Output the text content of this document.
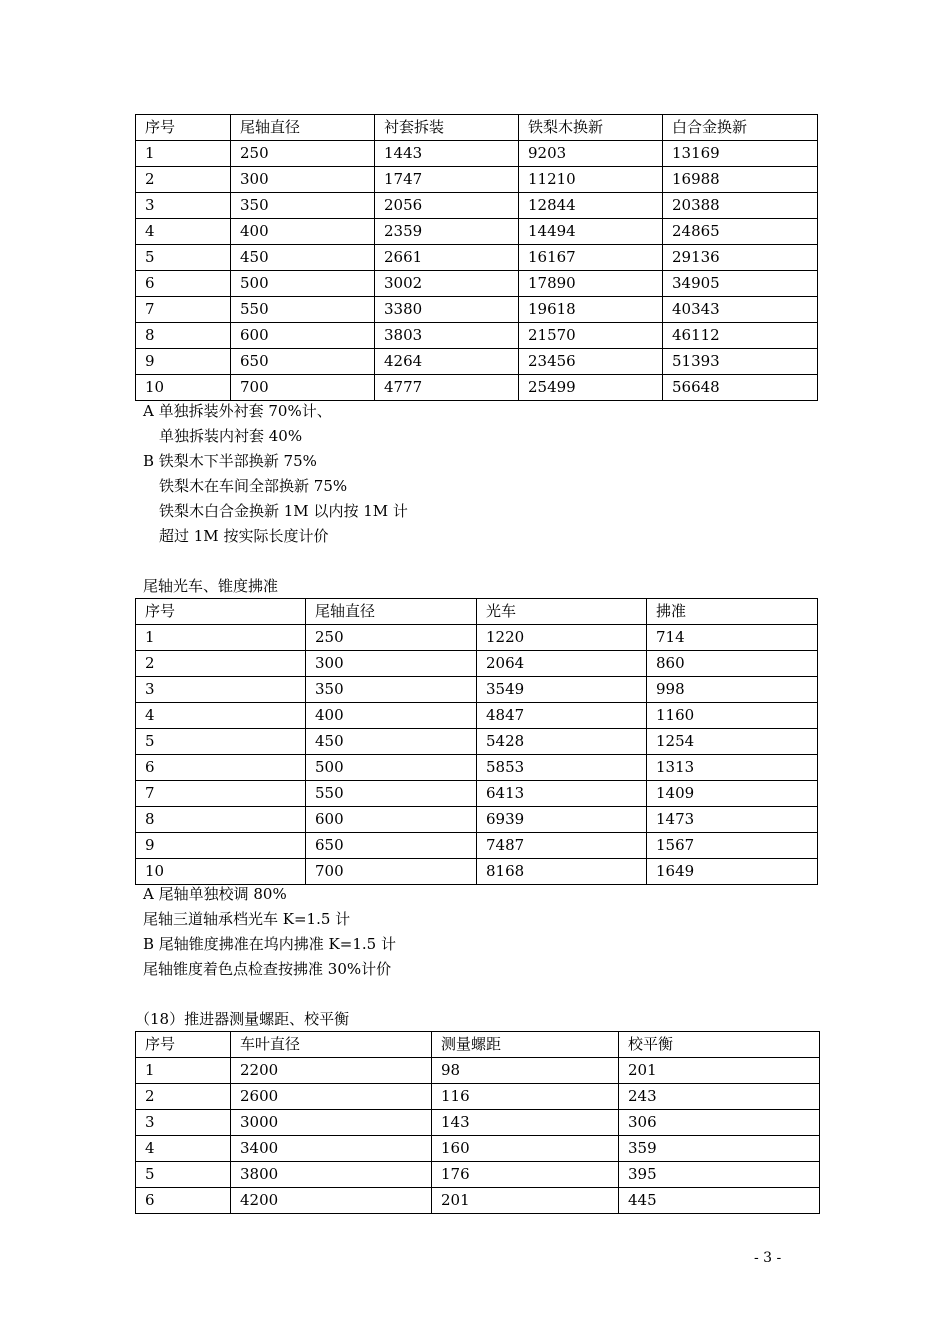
序号	尾轴直径	衬套拆装	铁梨木换新	白合金换新
1	250	1443	9203	13169
2	300	1747	11210	16988
3	350	2056	12844	20388
4	400	2359	14494	24865
5	450	2661	16167	29136
6	500	3002	17890	34905
7	550	3380	19618	40343
8	600	3803	21570	46112
9	650	4264	23456	51393
10	700	4777	25499	56648
A 单独拆装外衬套 70%计、
单独拆装内衬套 40%
B 铁梨木下半部换新 75%
铁梨木在车间全部换新 75%
铁梨木白合金换新 1M 以内按 1M 计
超过 1M 按实际长度计价
尾轴光车、锥度拂准
序号	尾轴直径	光车	拂准
1	250	1220	714
2	300	2064	860
3	350	3549	998
4	400	4847	1160
5	450	5428	1254
6	500	5853	1313
7	550	6413	1409
8	600	6939	1473
9	650	7487	1567
10	700	8168	1649
A 尾轴单独校调 80%
尾轴三道轴承档光车 K=1.5 计
B 尾轴锥度拂准在坞内拂准 K=1.5 计
尾轴锥度着色点检查按拂准 30%计价
（18）推进器测量螺距、校平衡
序号	车叶直径	测量螺距	校平衡
1	2200	98	201
2	2600	116	243
3	3000	143	306
4	3400	160	359
5	3800	176	395
6	4200	201	445
- 3 -
